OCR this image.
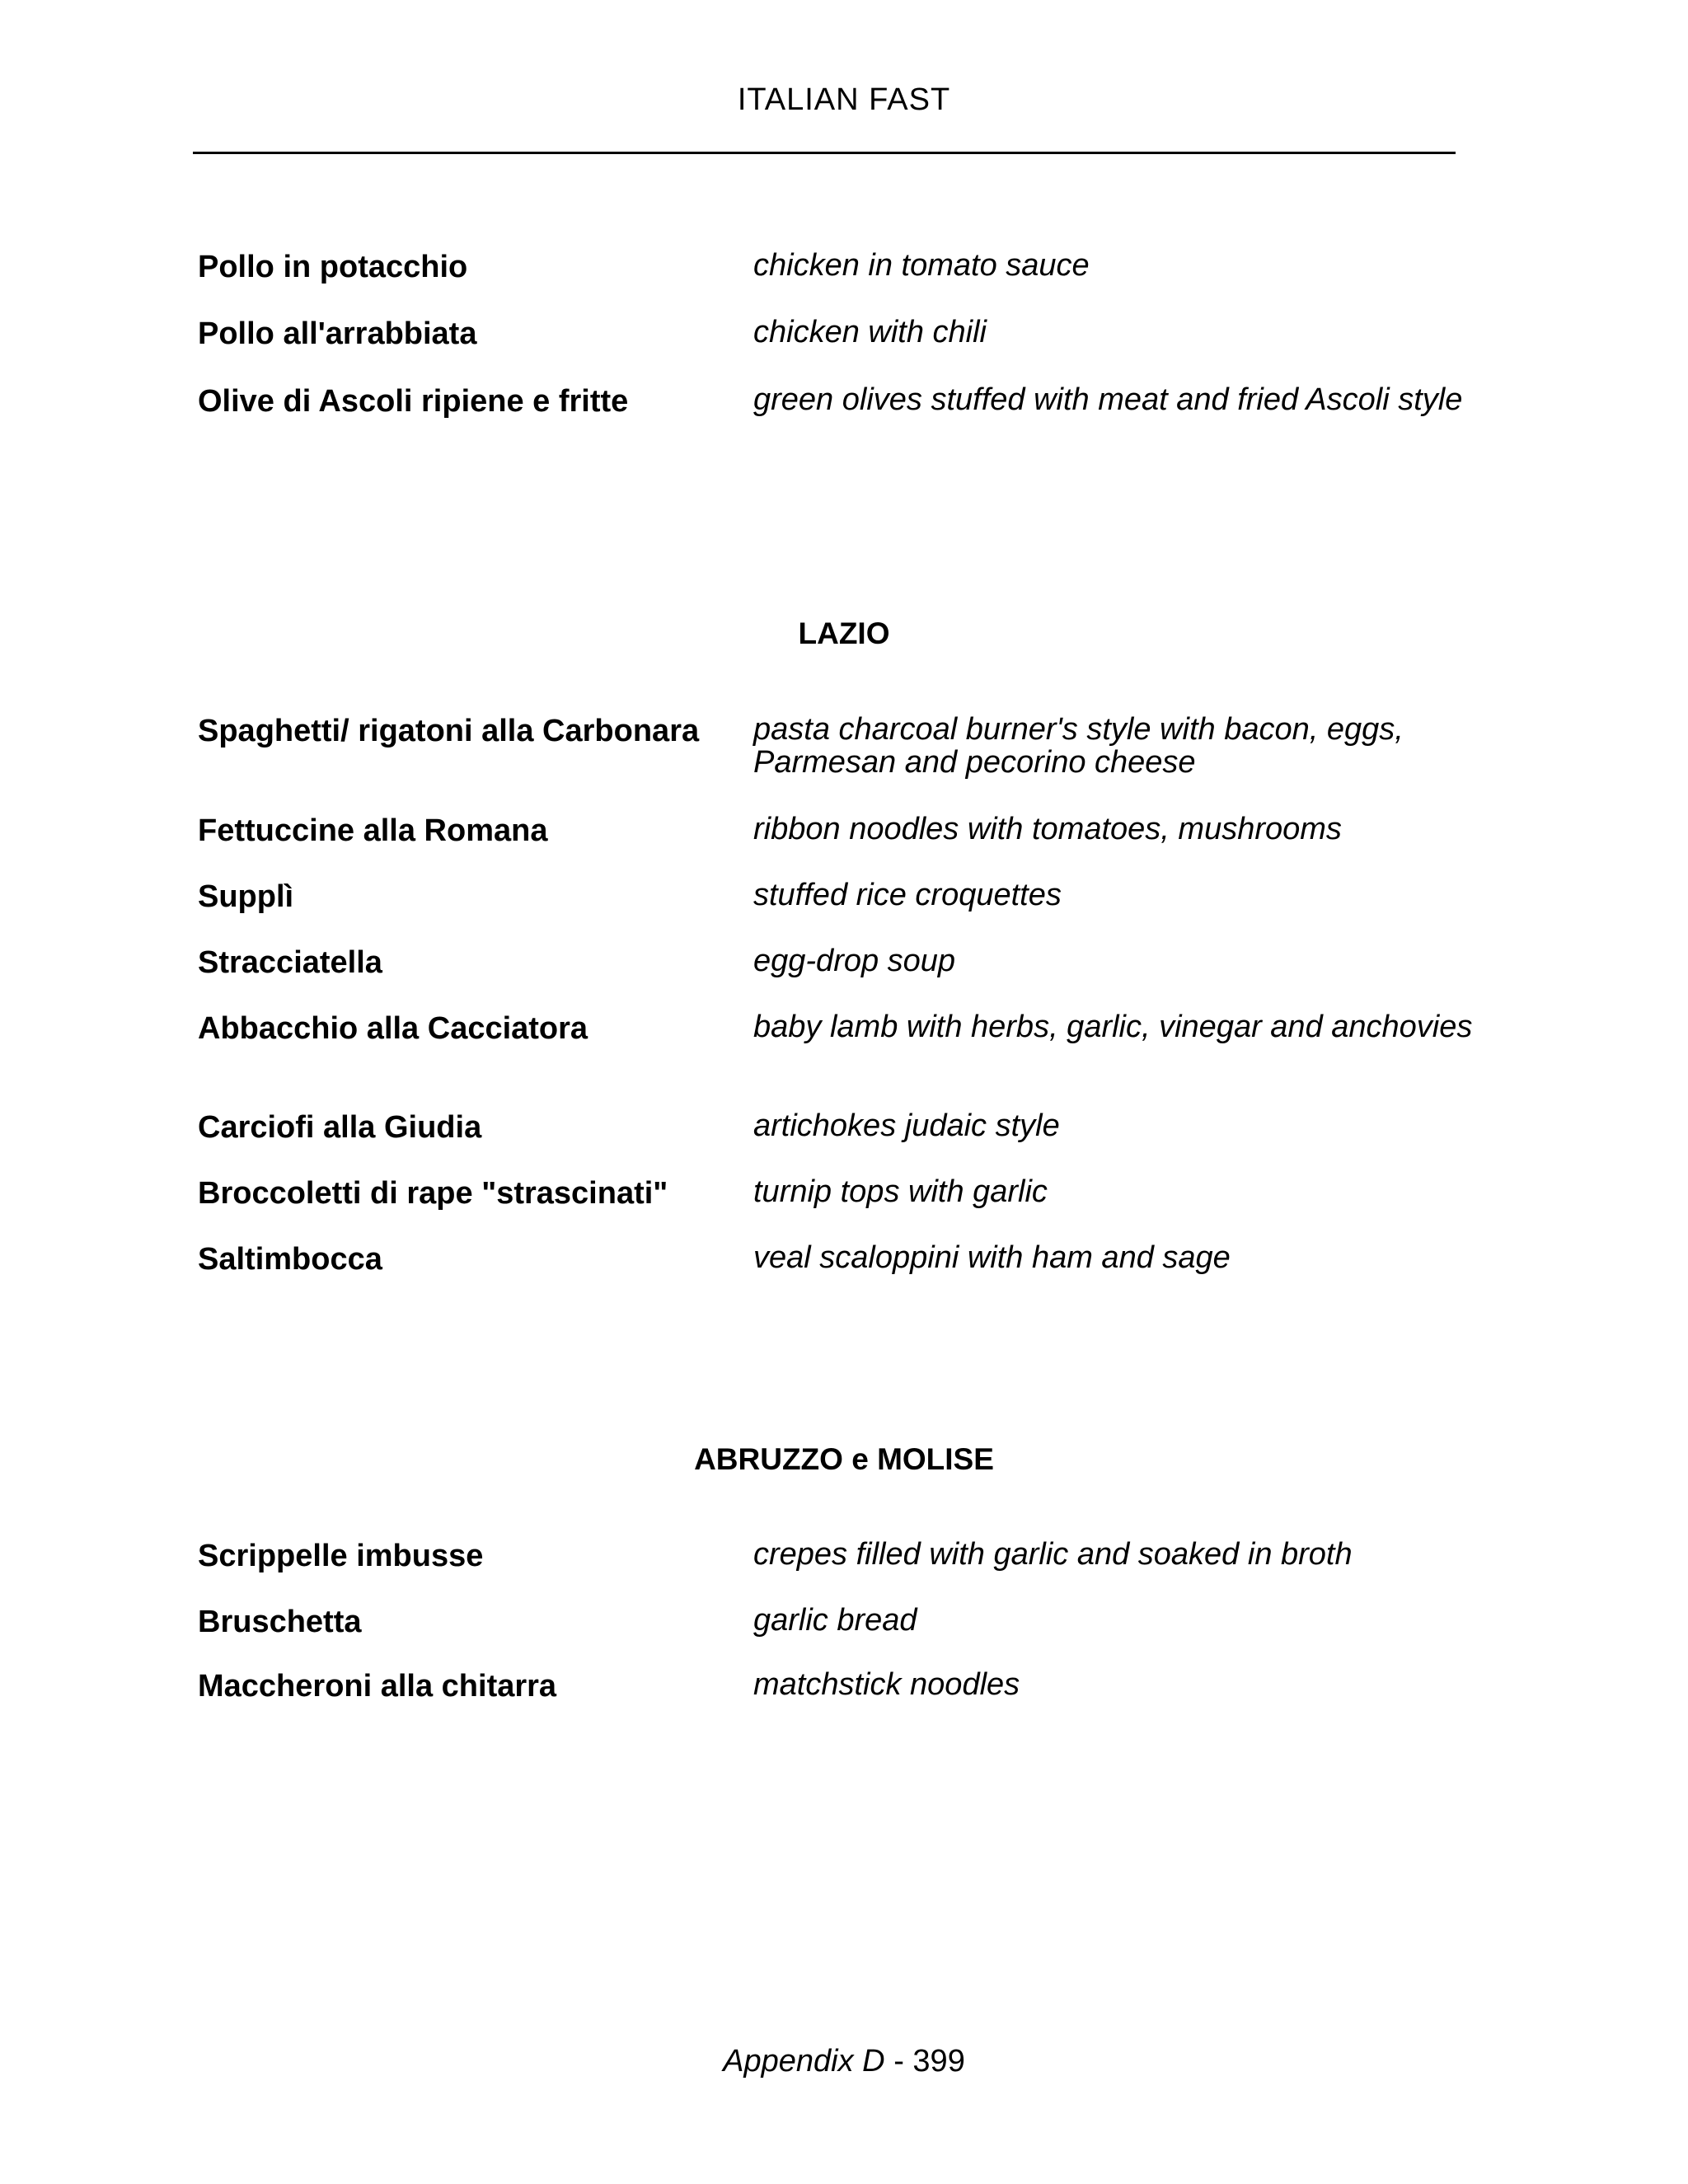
ITALIAN FAST
Pollo in potacchio	chicken in tomato sauce
Pollo all'arrabbiata	chicken with chili
Olive di Ascoli ripiene e fritte	green olives stuffed with meat and fried Ascoli style
LAZIO
Spaghetti/ rigatoni alla Carbonara	pasta charcoal burner's style with bacon, eggs, Parmesan and pecorino cheese
Fettuccine alla Romana	ribbon noodles with tomatoes, mushrooms
Supplì	stuffed rice croquettes
Stracciatella	egg-drop soup
Abbacchio alla Cacciatora	baby lamb with herbs, garlic, vinegar and anchovies
Carciofi alla Giudia	artichokes judaic style
Broccoletti di rape "strascinati"	turnip tops with garlic
Saltimbocca	veal scaloppini with ham and sage
ABRUZZO e MOLISE
Scrippelle imbusse	crepes filled with garlic and soaked in broth
Bruschetta	garlic bread
Maccheroni alla chitarra	matchstick noodles
Appendix D - 399
